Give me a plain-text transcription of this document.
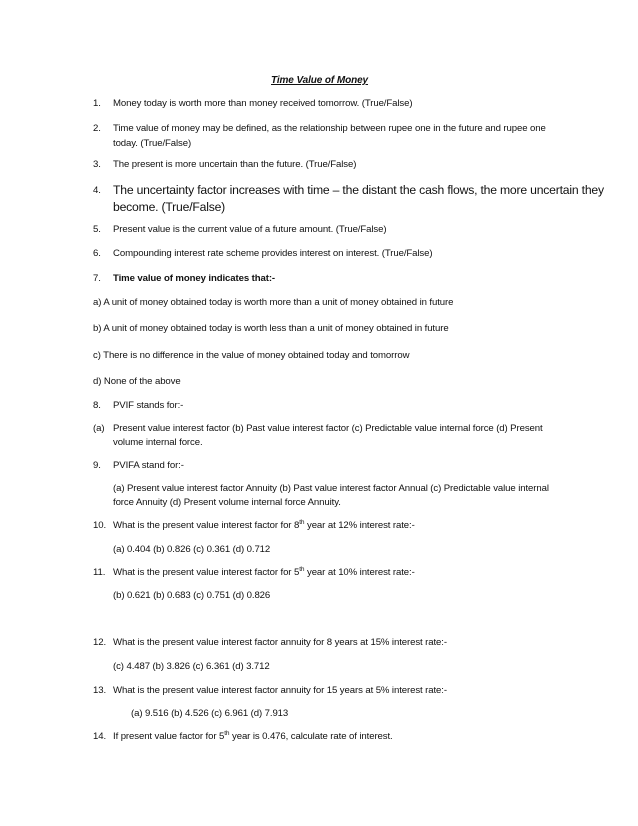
Time Value of Money
1. Money today is worth more than money received tomorrow. (True/False)
2. Time value of money may be defined, as the relationship between rupee one in the future and rupee one
today. (True/False)
3. The present is more uncertain than the future. (True/False)
4. The uncertainty factor increases with time – the distant the cash flows, the more uncertain they
become. (True/False)
5. Present value is the current value of a future amount. (True/False)
6. Compounding interest rate scheme provides interest on interest. (True/False)
7. Time value of money indicates that:-
a) A unit of money obtained today is worth more than a unit of money obtained in future
b) A unit of money obtained today is worth less than a unit of money obtained in future
c) There is no difference in the value of money obtained today and tomorrow
d) None of the above
8. PVIF stands for:-
(a) Present value interest factor (b) Past value interest factor (c) Predictable value internal force (d) Present
volume internal force.
9. PVIFA stand for:-
(a) Present value interest factor Annuity (b) Past value interest factor Annual (c) Predictable value internal
force Annuity (d) Present volume internal force Annuity.
10. What is the present value interest factor for 8th year at 12% interest rate:-
(a) 0.404 (b) 0.826 (c) 0.361 (d) 0.712
11. What is the present value interest factor for 5th year at 10% interest rate:-
(b) 0.621 (b) 0.683 (c) 0.751 (d) 0.826
12. What is the present value interest factor annuity for 8 years at 15% interest rate:-
(c) 4.487 (b) 3.826 (c) 6.361 (d) 3.712
13. What is the present value interest factor annuity for 15 years at 5% interest rate:-
(a) 9.516 (b) 4.526 (c) 6.961 (d) 7.913
14. If present value factor for 5th year is 0.476, calculate rate of interest.
